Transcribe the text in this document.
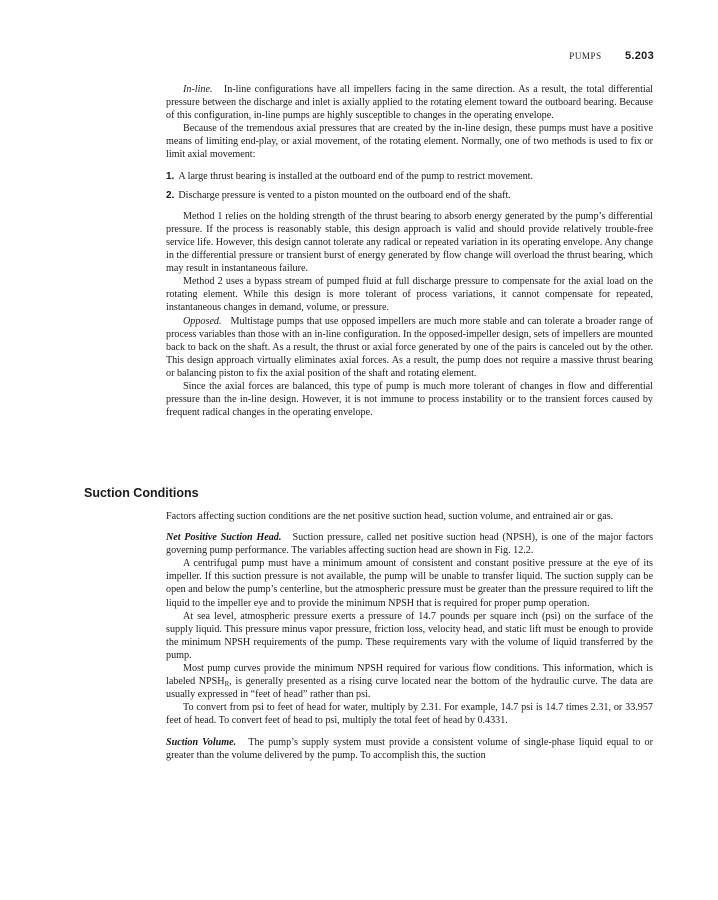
PUMPS 5.203

In-line. In-line configurations have all impellers facing in the same direction. As a result, the total differential pressure between the discharge and inlet is axially applied to the rotating element toward the outboard bearing. Because of this configuration, in-line pumps are highly susceptible to changes in the operating envelope.

Because of the tremendous axial pressures that are created by the in-line design, these pumps must have a positive means of limiting end-play, or axial movement, of the rotating element. Normally, one of two methods is used to fix or limit axial movement:

1. A large thrust bearing is installed at the outboard end of the pump to restrict movement.
2. Discharge pressure is vented to a piston mounted on the outboard end of the shaft.

Method 1 relies on the holding strength of the thrust bearing to absorb energy generated by the pump’s differential pressure. If the process is reasonably stable, this design approach is valid and should provide relatively trouble-free service life. However, this design cannot tolerate any radical or repeated variation in its operating envelope. Any change in the differential pressure or transient burst of energy generated by flow change will overload the thrust bearing, which may result in instantaneous failure.

Method 2 uses a bypass stream of pumped fluid at full discharge pressure to compensate for the axial load on the rotating element. While this design is more tolerant of process variations, it cannot compensate for repeated, instantaneous changes in demand, volume, or pressure.

Opposed. Multistage pumps that use opposed impellers are much more stable and can tolerate a broader range of process variables than those with an in-line configuration. In the opposed-impeller design, sets of impellers are mounted back to back on the shaft. As a result, the thrust or axial force generated by one of the pairs is canceled out by the other. This design approach virtually eliminates axial forces. As a result, the pump does not require a massive thrust bearing or balancing piston to fix the axial position of the shaft and rotating element.

Since the axial forces are balanced, this type of pump is much more tolerant of changes in flow and differential pressure than the in-line design. However, it is not immune to process instability or to the transient forces caused by frequent radical changes in the operating envelope.

Suction Conditions

Factors affecting suction conditions are the net positive suction head, suction volume, and entrained air or gas.

Net Positive Suction Head. Suction pressure, called net positive suction head (NPSH), is one of the major factors governing pump performance. The variables affecting suction head are shown in Fig. 12.2.

A centrifugal pump must have a minimum amount of consistent and constant positive pressure at the eye of its impeller. If this suction pressure is not available, the pump will be unable to transfer liquid. The suction supply can be open and below the pump’s centerline, but the atmospheric pressure must be greater than the pressure required to lift the liquid to the impeller eye and to provide the minimum NPSH that is required for proper pump operation.

At sea level, atmospheric pressure exerts a pressure of 14.7 pounds per square inch (psi) on the surface of the supply liquid. This pressure minus vapor pressure, friction loss, velocity head, and static lift must be enough to provide the minimum NPSH requirements of the pump. These requirements vary with the volume of liquid transferred by the pump.

Most pump curves provide the minimum NPSH required for various flow conditions. This information, which is labeled $NPSH_R$, is generally presented as a rising curve located near the bottom of the hydraulic curve. The data are usually expressed in “feet of head” rather than psi.

To convert from psi to feet of head for water, multiply by 2.31. For example, 14.7 psi is 14.7 times 2.31, or 33.957 feet of head. To convert feet of head to psi, multiply the total feet of head by 0.4331.

Suction Volume. The pump’s supply system must provide a consistent volume of single-phase liquid equal to or greater than the volume delivered by the pump. To accomplish this, the suction
